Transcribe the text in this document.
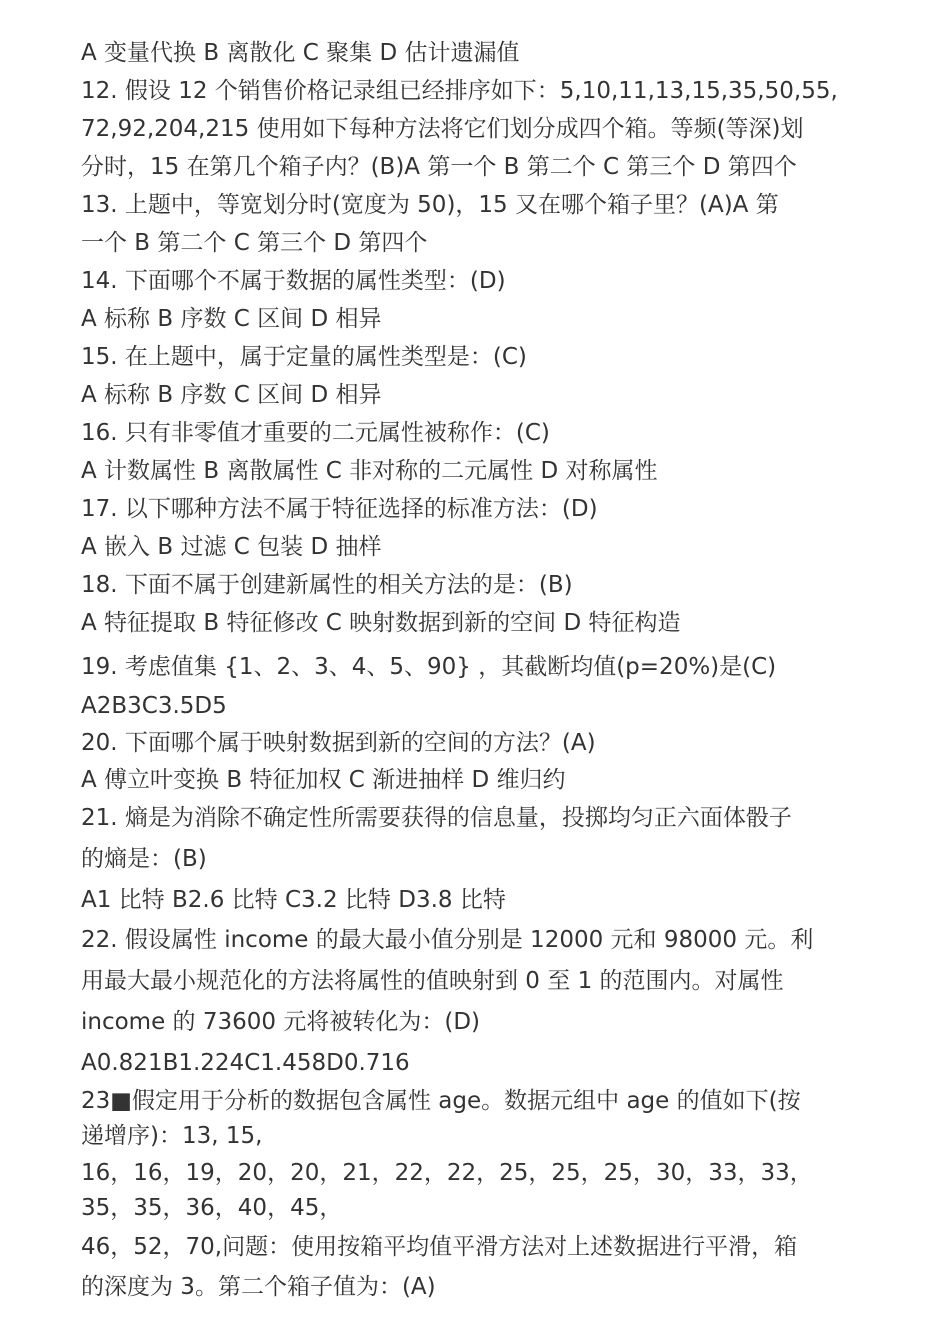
A 变量代换 B 离散化 C 聚集 D 估计遗漏值
12. 假设 12 个销售价格记录组已经排序如下：5,10,11,13,15,35,50,55,
72,92,204,215 使用如下每种方法将它们划分成四个箱。等频(等深)划
分时，15 在第几个箱子内？(B)A 第一个 B 第二个 C 第三个 D 第四个
13. 上题中，等宽划分时(宽度为 50)，15 又在哪个箱子里？(A)A 第
一个 B 第二个 C 第三个 D 第四个
14. 下面哪个不属于数据的属性类型：(D)
A 标称 B 序数 C 区间 D 相异
15. 在上题中，属于定量的属性类型是：(C)
A 标称 B 序数 C 区间 D 相异
16. 只有非零值才重要的二元属性被称作：(C)
A 计数属性 B 离散属性 C 非对称的二元属性 D 对称属性
17. 以下哪种方法不属于特征选择的标准方法：(D)
A 嵌入 B 过滤 C 包装 D 抽样
18. 下面不属于创建新属性的相关方法的是：(B)
A 特征提取 B 特征修改 C 映射数据到新的空间 D 特征构造
19. 考虑值集 {1、2、3、4、5、90} ，其截断均值(p=20%)是(C)
A2B3C3.5D5
20. 下面哪个属于映射数据到新的空间的方法？(A)
A 傅立叶变换 B 特征加权 C 渐进抽样 D 维归约
21. 熵是为消除不确定性所需要获得的信息量，投掷均匀正六面体骰子
的熵是：(B)
A1 比特 B2.6 比特 C3.2 比特 D3.8 比特
22. 假设属性 income 的最大最小值分别是 12000 元和 98000 元。利
用最大最小规范化的方法将属性的值映射到 0 至 1 的范围内。对属性
income 的 73600 元将被转化为：(D)
A0.821B1.224C1.458D0.716
23■假定用于分析的数据包含属性 age。数据元组中 age 的值如下(按
递增序)：13, 15,
16，16，19，20，20，21，22，22，25，25，25，30，33，33，
35，35，36，40，45，
46，52，70,问题：使用按箱平均值平滑方法对上述数据进行平滑，箱
的深度为 3。第二个箱子值为：(A)
